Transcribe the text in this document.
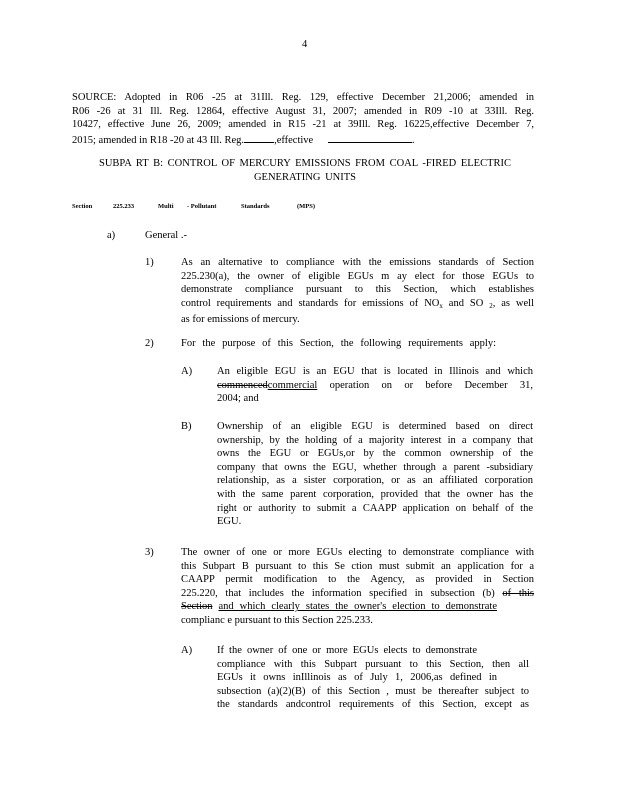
4
SOURCE: Adopted in R06 -25 at 31Ill. Reg. 129, effective December 21,2006; amended in
R06 -26 at 31 Ill. Reg. 12864, effective August 31, 2007; amended in R09 -10 at 33Ill. Reg.
10427, effective June 26, 2009; amended in R15 -21 at 39Ill. Reg. 16225,effective December 7,
2015; amended in R18 -20 at 43 Ill. Reg.	,effective	.
SUBPA RT B: CONTROL OF MERCURY EMISSIONS FROM COAL -FIRED ELECTRIC
GENERATING UNITS
Section	225.233	Multi - Pollutant	Standards	(MPS)
a)	General .-
1)	As an alternative to compliance with the emissions standards of Section
225.230(a), the owner of eligible EGUs m ay elect for those EGUs to
demonstrate compliance pursuant to this Section, which establishes
control requirements and standards for emissions of $NO_x$ and SO $_2$, as well
as for emissions of mercury.
2)	For the purpose of this Section, the following requirements apply:
A) An eligible EGU is an EGU that is located in Illinois and which
commencedcommercial operation on or before December 31,
2004; and
B) Ownership of an eligible EGU is determined based on direct
ownership, by the holding of a majority interest in a company that
owns the EGU or EGUs,or by the common ownership of the
company that owns the EGU, whether through a parent -subsidiary
relationship, as a sister corporation, or as an affiliated corporation
with the same parent corporation, provided that the owner has the
right or authority to submit a CAAPP application on behalf of the
EGU.
3)	The owner of one or more EGUs electing to demonstrate compliance with
this Subpart B pursuant to this Se ction must submit an application for a
CAAPP permit modification to the Agency, as provided in Section
225.220, that includes the information specified in subsection (b) of this
Section and which clearly states the owner's election to demonstrate
complianc e pursuant to this Section 225.233.
A) If the owner of one or more EGUs elects to demonstrate
compliance with this Subpart pursuant to this Section, then all
EGUs it owns inIllinois as of July 1, 2006,as defined in
subsection (a)(2)(B) of this Section , must be thereafter subject to
the standards andcontrol requirements of this Section, except as
